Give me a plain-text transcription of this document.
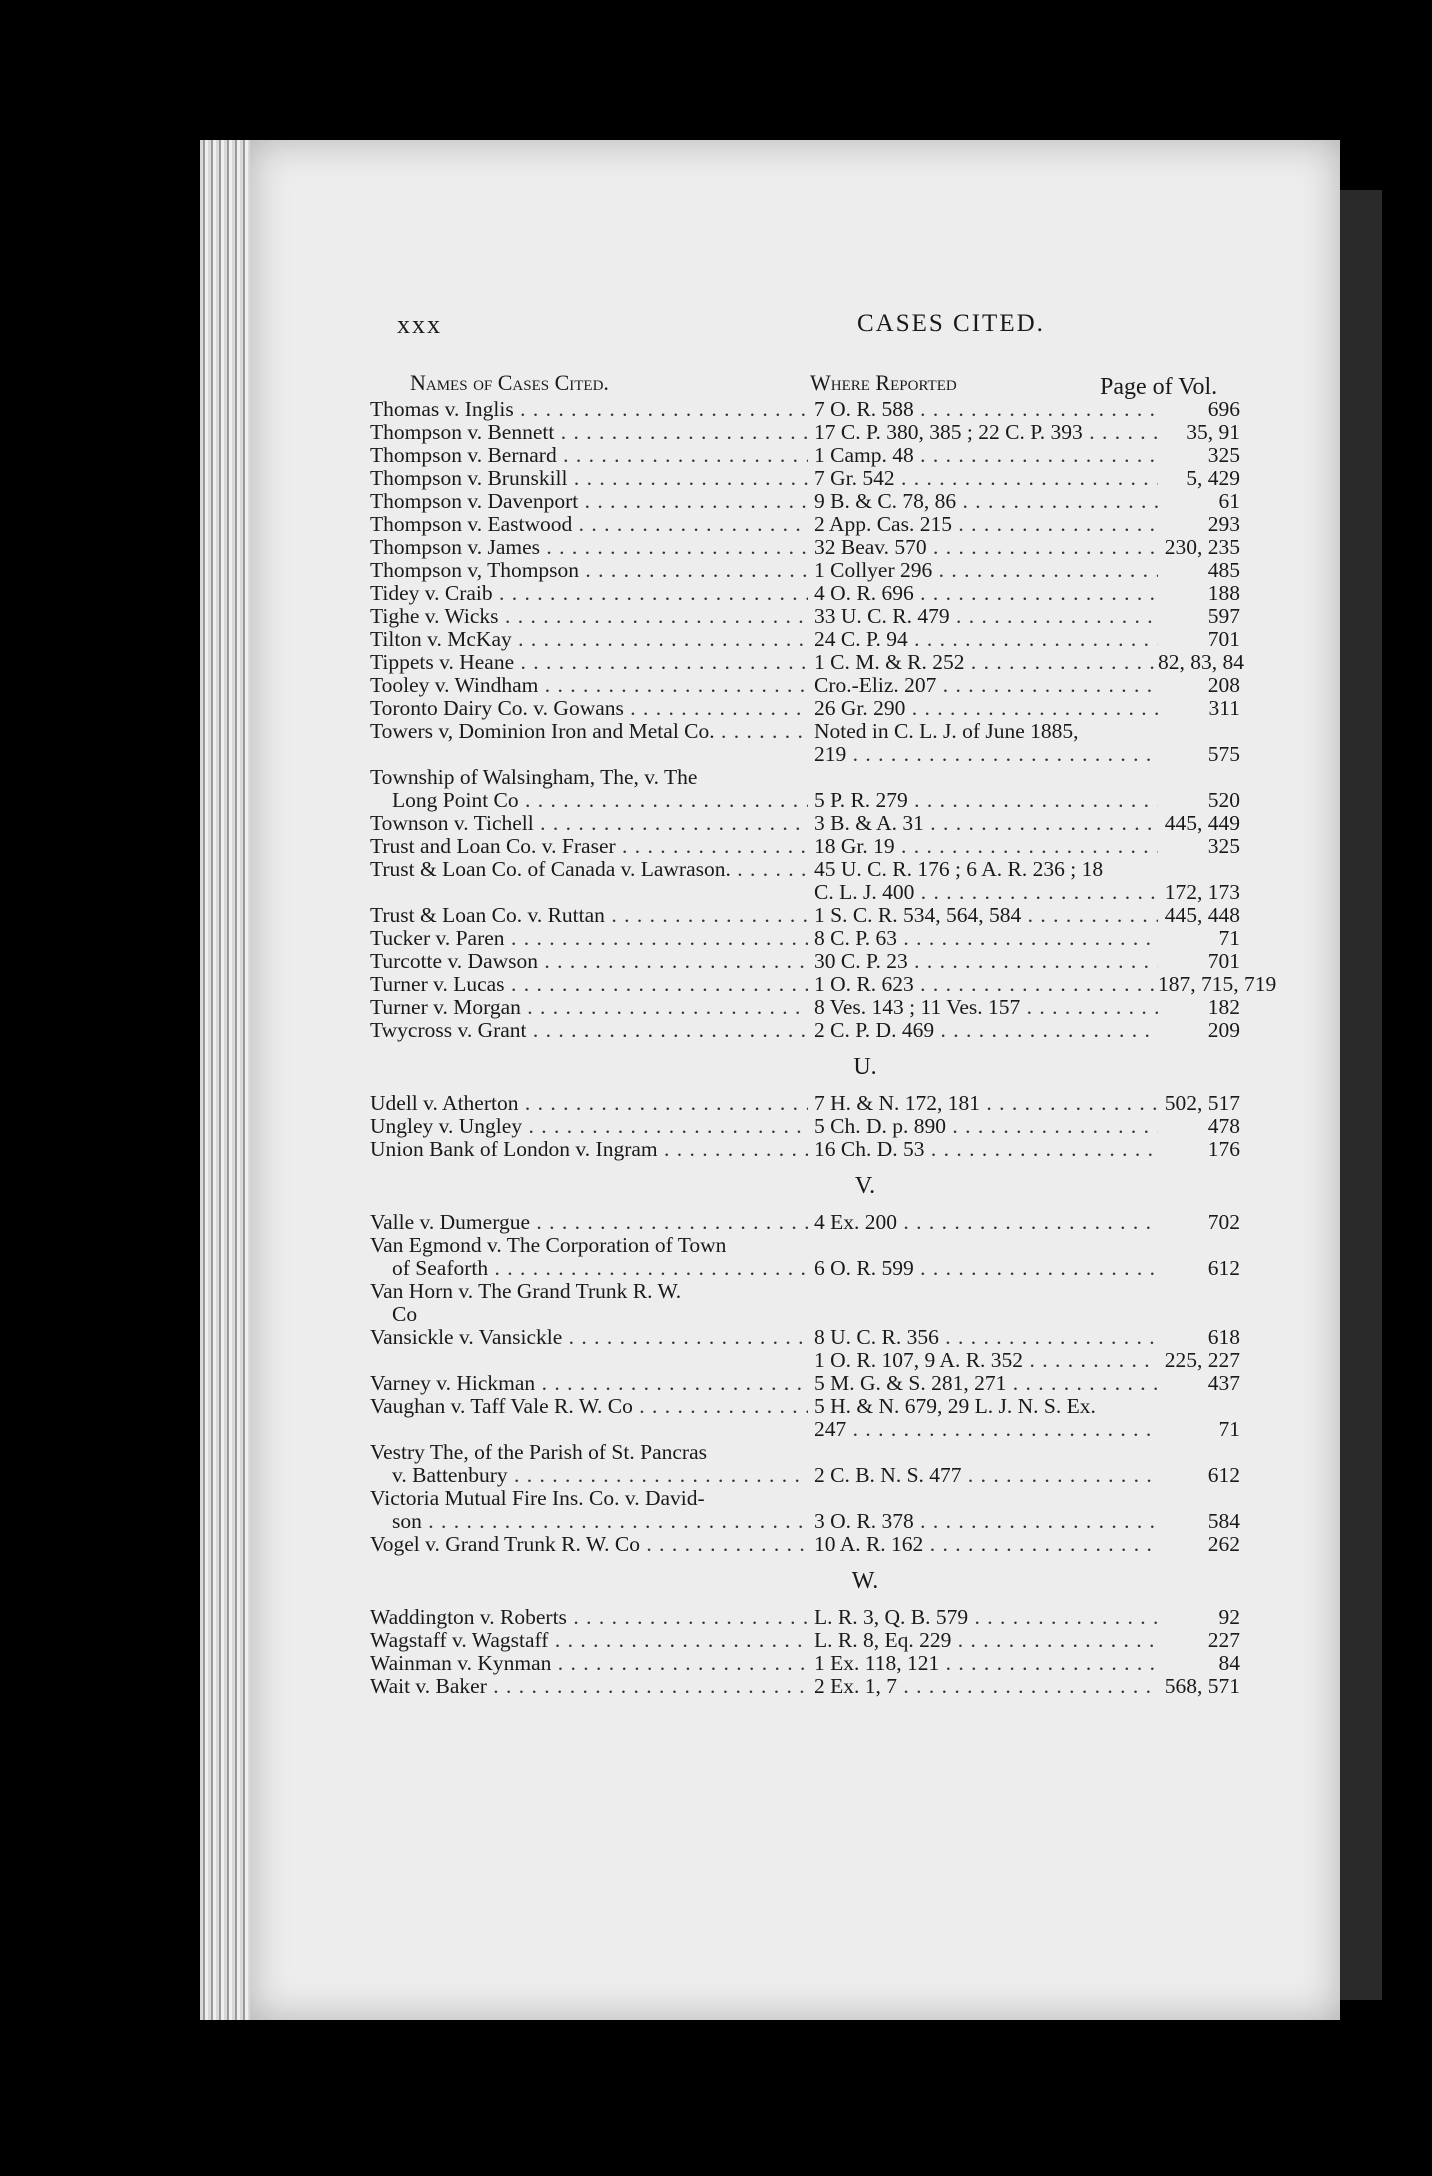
xxx	CASES CITED.
Names of Cases Cited.	Where Reported	Page of Vol.
Thomas v. Inglis . . .	7 O. R. 588 . . .	696
Thompson v. Bennett . . .	17 C. P. 380, 385 ; 22 C. P. 393 . . .	35, 91
Thompson v. Bernard . . .	1 Camp. 48 . . .	325
Thompson v. Brunskill . . .	7 Gr. 542 . . .	5, 429
Thompson v. Davenport . . .	9 B. & C. 78, 86 . . .	61
Thompson v. Eastwood . . .	2 App. Cas. 215 . . .	293
Thompson v. James . . .	32 Beav. 570 . . .	230, 235
Thompson v, Thompson . . .	1 Collyer 296 . . .	485
Tidey v. Craib . . .	4 O. R. 696 . . .	188
Tighe v. Wicks . . .	33 U. C. R. 479 . . .	597
Tilton v. McKay . . .	24 C. P. 94 . . .	701
Tippets v. Heane . . .	1 C. M. & R. 252 . . .	82, 83, 84
Tooley v. Windham . . .	Cro.-Eliz. 207 . . .	208
Toronto Dairy Co. v. Gowans . . .	26 Gr. 290 . . .	311
Towers v, Dominion Iron and Metal Co. . . .	Noted in C. L. J. of June 1885,
219 . . .	575
Township of Walsingham, The, v. The
Long Point Co . . .	5 P. R. 279 . . .	520
Townson v. Tichell . . .	3 B. & A. 31 . . .	445, 449
Trust and Loan Co. v. Fraser . . .	18 Gr. 19 . . .	325
Trust & Loan Co. of Canada v. Lawrason. . . .	45 U. C. R. 176 ; 6 A. R. 236 ; 18
C. L. J. 400 . . .	172, 173
Trust & Loan Co. v. Ruttan . . .	1 S. C. R. 534, 564, 584 . . .	445, 448
Tucker v. Paren . . .	8 C. P. 63 . . .	71
Turcotte v. Dawson . . .	30 C. P. 23 . . .	701
Turner v. Lucas . . .	1 O. R. 623 . . .	187, 715, 719
Turner v. Morgan . . .	8 Ves. 143 ; 11 Ves. 157 . . .	182
Twycross v. Grant . . .	2 C. P. D. 469 . . .	209
U.
Udell v. Atherton . . .	7 H. & N. 172, 181 . . .	502, 517
Ungley v. Ungley . . .	5 Ch. D. p. 890 . . .	478
Union Bank of London v. Ingram . . .	16 Ch. D. 53 . . .	176
V.
Valle v. Dumergue . . .	4 Ex. 200 . . .	702
Van Egmond v. The Corporation of Town
of Seaforth . . .	6 O. R. 599 . . .	612
Van Horn v. The Grand Trunk R. W.
Co
Vansickle v. Vansickle . . .	8 U. C. R. 356 . . .	618
1 O. R. 107, 9 A. R. 352 . . .	225, 227
Varney v. Hickman . . .	5 M. G. & S. 281, 271 . . .	437
Vaughan v. Taff Vale R. W. Co . . .	5 H. & N. 679, 29 L. J. N. S. Ex.
247 . . .	71
Vestry The, of the Parish of St. Pancras
v. Battenbury . . .	2 C. B. N. S. 477 . . .	612
Victoria Mutual Fire Ins. Co. v. David-
son . . .	3 O. R. 378 . . .	584
Vogel v. Grand Trunk R. W. Co . . .	10 A. R. 162 . . .	262
W.
Waddington v. Roberts . . .	L. R. 3, Q. B. 579 . . .	92
Wagstaff v. Wagstaff . . .	L. R. 8, Eq. 229 . . .	227
Wainman v. Kynman . . .	1 Ex. 118, 121 . . .	84
Wait v. Baker . . .	2 Ex. 1, 7 . . .	568, 571
